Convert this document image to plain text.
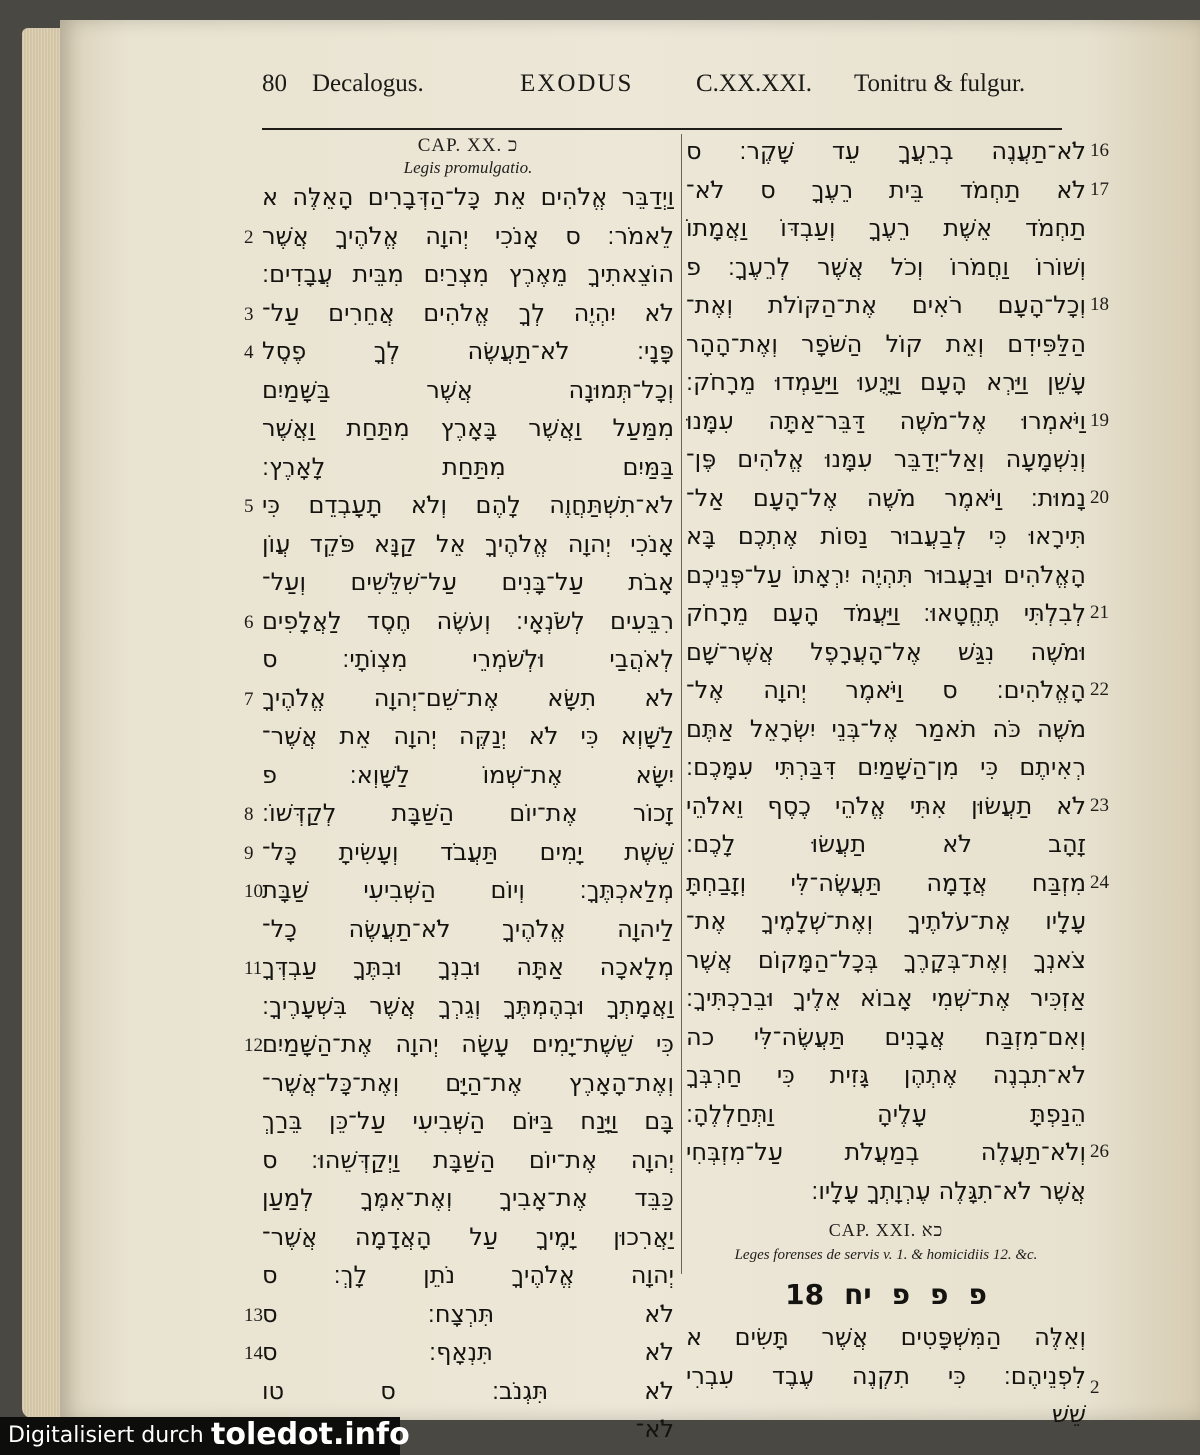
80 Decalogus.	EXODUS	C.XX.XXI. Tonitru & fulgur.
CAP. XX. כ
Legis promulgatio.
וַיְדַבֵּר אֱלֹהִים אֵת כָּל־הַדְּבָרִים הָאֵלֶּה א
לֵאמֹר׃ ס אָנֹכִי יְהוָה אֱלֹהֶיךָ אֲשֶׁר
הוֹצֵאתִיךָ מֵאֶרֶץ מִצְרַיִם מִבֵּית עֲבָדִים׃
לֹא יִהְיֶה לְךָ אֱלֹהִים אֲחֵרִים עַל־
פָּנָי׃ לֹא־תַעֲשֶׂה לְךָ פֶסֶל
וְכָל־תְּמוּנָה אֲשֶׁר בַּשָּׁמַיִם
מִמַּעַל וַאֲשֶׁר בָּאָרֶץ מִתַּחַת וַאֲשֶׁר
בַּמַּיִם מִתַּחַת לָאָרֶץ׃
לֹא־תִשְׁתַּחֲוֶה לָהֶם וְלֹא תָעָבְדֵם כִּי
אָנֹכִי יְהוָה אֱלֹהֶיךָ אֵל קַנָּא פֹּקֵד עֲוֹן
אָבֹת עַל־בָּנִים עַל־שִׁלֵּשִׁים וְעַל־
רִבֵּעִים לְשֹׂנְאָי׃ וְעֹשֶׂה חֶסֶד לַאֲלָפִים
לְאֹהֲבַי וּלְשֹׁמְרֵי מִצְוֺתָי׃ ס
לֹא תִשָּׂא אֶת־שֵׁם־יְהוָה אֱלֹהֶיךָ
לַשָּׁוְא כִּי לֹא יְנַקֶּה יְהוָה אֵת אֲשֶׁר־
יִשָּׂא אֶת־שְׁמוֹ לַשָּׁוְא׃ פ
זָכוֹר אֶת־יוֹם הַשַּׁבָּת לְקַדְּשׁוֹ׃
שֵׁשֶׁת יָמִים תַּעֲבֹד וְעָשִׂיתָ כָּל־
מְלַאכְתֶּךָ׃ וְיוֹם הַשְּׁבִיעִי שַׁבָּת
לַיהוָה אֱלֹהֶיךָ לֹא־תַעֲשֶׂה כָל־
מְלָאכָה אַתָּה וּבִנְךָ וּבִתֶּךָ עַבְדְּךָ
וַאֲמָתְךָ וּבְהֶמְתֶּךָ וְגֵרְךָ אֲשֶׁר בִּשְׁעָרֶיךָ׃
כִּי שֵׁשֶׁת־יָמִים עָשָׂה יְהוָה אֶת־הַשָּׁמַיִם
וְאֶת־הָאָרֶץ אֶת־הַיָּם וְאֶת־כָּל־אֲשֶׁר־
בָּם וַיָּנַח בַּיּוֹם הַשְּׁבִיעִי עַל־כֵּן בֵּרַךְ
יְהוָה אֶת־יוֹם הַשַּׁבָּת וַיְקַדְּשֵׁהוּ׃ ס
כַּבֵּד אֶת־אָבִיךָ וְאֶת־אִמֶּךָ לְמַעַן
יַאֲרִכוּן יָמֶיךָ עַל הָאֲדָמָה אֲשֶׁר־
יְהוָה אֱלֹהֶיךָ נֹתֵן לָךְ׃ ס
לֹא תִּרְצָח׃ ס
לֹא תִּנְאָף׃ ס
לֹא תִּגְנֹב׃ ס טו
לֹא־
2
3
4
5
6
7
8
9
10
11
12
13
14
לֹא־תַעֲנֶה בְרֵעֲךָ עֵד שָׁקֶר׃ ס
לֹא תַחְמֹד בֵּית רֵעֶךָ ס לֹא־
תַחְמֹד אֵשֶׁת רֵעֶךָ וְעַבְדּוֹ וַאֲמָתוֹ
וְשׁוֹרוֹ וַחֲמֹרוֹ וְכֹל אֲשֶׁר לְרֵעֶךָ׃ פ
וְכָל־הָעָם רֹאִים אֶת־הַקּוֹלֹת וְאֶת־
הַלַּפִּידִם וְאֵת קוֹל הַשֹּׁפָר וְאֶת־הָהָר
עָשֵׁן וַיַּרְא הָעָם וַיָּנֻעוּ וַיַּעַמְדוּ מֵרָחֹק׃
וַיֹּאמְרוּ אֶל־מֹשֶׁה דַּבֵּר־אַתָּה עִמָּנוּ
וְנִשְׁמָעָה וְאַל־יְדַבֵּר עִמָּנוּ אֱלֹהִים פֶּן־
נָמוּת׃ וַיֹּאמֶר מֹשֶׁה אֶל־הָעָם אַל־
תִּירָאוּ כִּי לְבַעֲבוּר נַסּוֹת אֶתְכֶם בָּא
הָאֱלֹהִים וּבַעֲבוּר תִּהְיֶה יִרְאָתוֹ עַל־פְּנֵיכֶם
לְבִלְתִּי תֶחֱטָאוּ׃ וַיַּעֲמֹד הָעָם מֵרָחֹק
וּמֹשֶׁה נִגַּשׁ אֶל־הָעֲרָפֶל אֲשֶׁר־שָׁם
הָאֱלֹהִים׃ ס וַיֹּאמֶר יְהוָה אֶל־
מֹשֶׁה כֹּה תֹאמַר אֶל־בְּנֵי יִשְׂרָאֵל אַתֶּם
רְאִיתֶם כִּי מִן־הַשָּׁמַיִם דִּבַּרְתִּי עִמָּכֶם׃
לֹא תַעֲשׂוּן אִתִּי אֱלֹהֵי כֶסֶף וֵאלֹהֵי
זָהָב לֹא תַעֲשׂוּ לָכֶם׃
מִזְבַּח אֲדָמָה תַּעֲשֶׂה־לִּי וְזָבַחְתָּ
עָלָיו אֶת־עֹלֹתֶיךָ וְאֶת־שְׁלָמֶיךָ אֶת־
צֹאנְךָ וְאֶת־בְּקָרֶךָ בְּכָל־הַמָּקוֹם אֲשֶׁר
אַזְכִּיר אֶת־שְׁמִי אָבוֹא אֵלֶיךָ וּבֵרַכְתִּיךָ׃
וְאִם־מִזְבַּח אֲבָנִים תַּעֲשֶׂה־לִּי כה
לֹא־תִבְנֶה אֶתְהֶן גָּזִית כִּי חַרְבְּךָ
הֵנַפְתָּ עָלֶיהָ וַתְּחַלְלֶהָ׃
וְלֹא־תַעֲלֶה בְמַעֲלֹת עַל־מִזְבְּחִי
אֲשֶׁר לֹא־תִגָּלֶה עֶרְוָתְךָ עָלָיו׃
CAP. XXI. כא
Leges forenses de servis v. 1. & homicidiis 12. &c.
פפפיח18
וְאֵלֶּה הַמִּשְׁפָּטִים אֲשֶׁר תָּשִׂים א
לִפְנֵיהֶם׃ כִּי תִקְנֶה עֶבֶד עִבְרִי
שֵׁשׁ
16
17
18
19
20
21
22
23
24
26
2
Digitalisiert durch toledot.info
